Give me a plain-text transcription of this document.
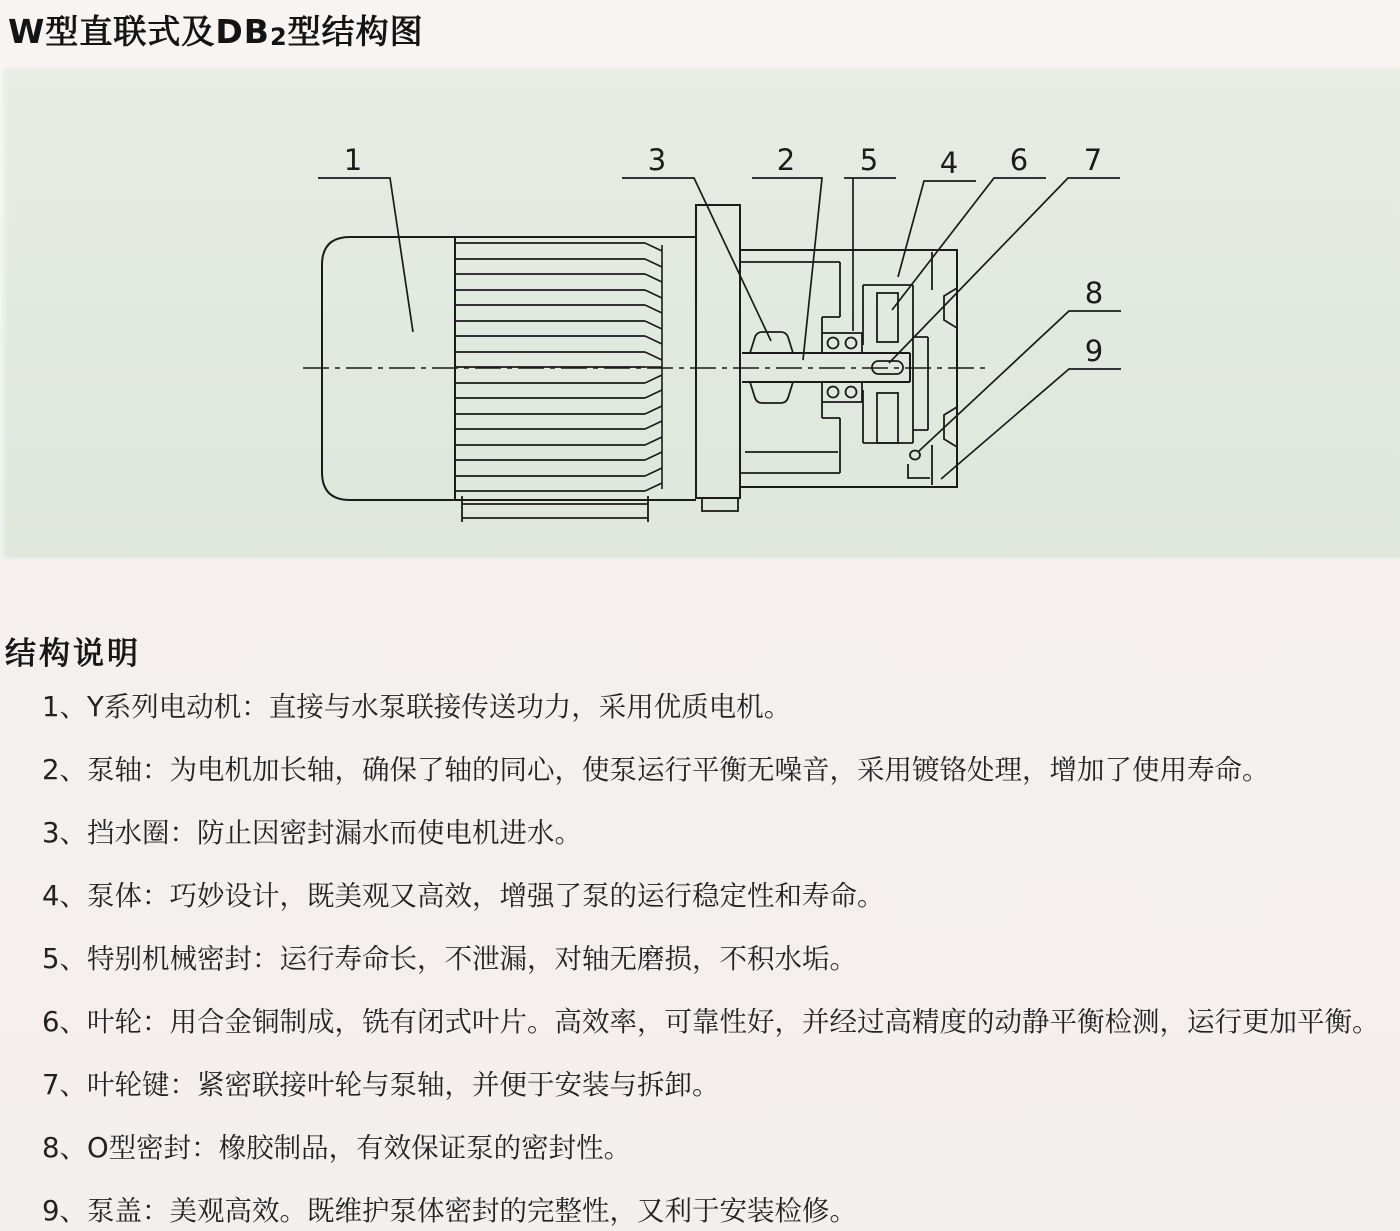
W型直联式及DB2型结构图
1	3	2 5 4 6 7
8
9
结构说明
1、Y系列电动机：直接与水泵联接传送功力，采用优质电机。
2、泵轴：为电机加长轴，确保了轴的同心，使泵运行平衡无噪音，采用镀铬处理，增加了使用寿命。
3、挡水圈：防止因密封漏水而使电机进水。
4、泵体：巧妙设计，既美观又高效，增强了泵的运行稳定性和寿命。
5、特别机械密封：运行寿命长，不泄漏，对轴无磨损，不积水垢。
6、叶轮：用合金铜制成，铣有闭式叶片。高效率，可靠性好，并经过高精度的动静平衡检测，运行更加平衡。
7、叶轮键：紧密联接叶轮与泵轴，并便于安装与拆卸。
8、O型密封：橡胶制品，有效保证泵的密封性。
9、泵盖：美观高效。既维护泵体密封的完整性，又利于安装检修。
